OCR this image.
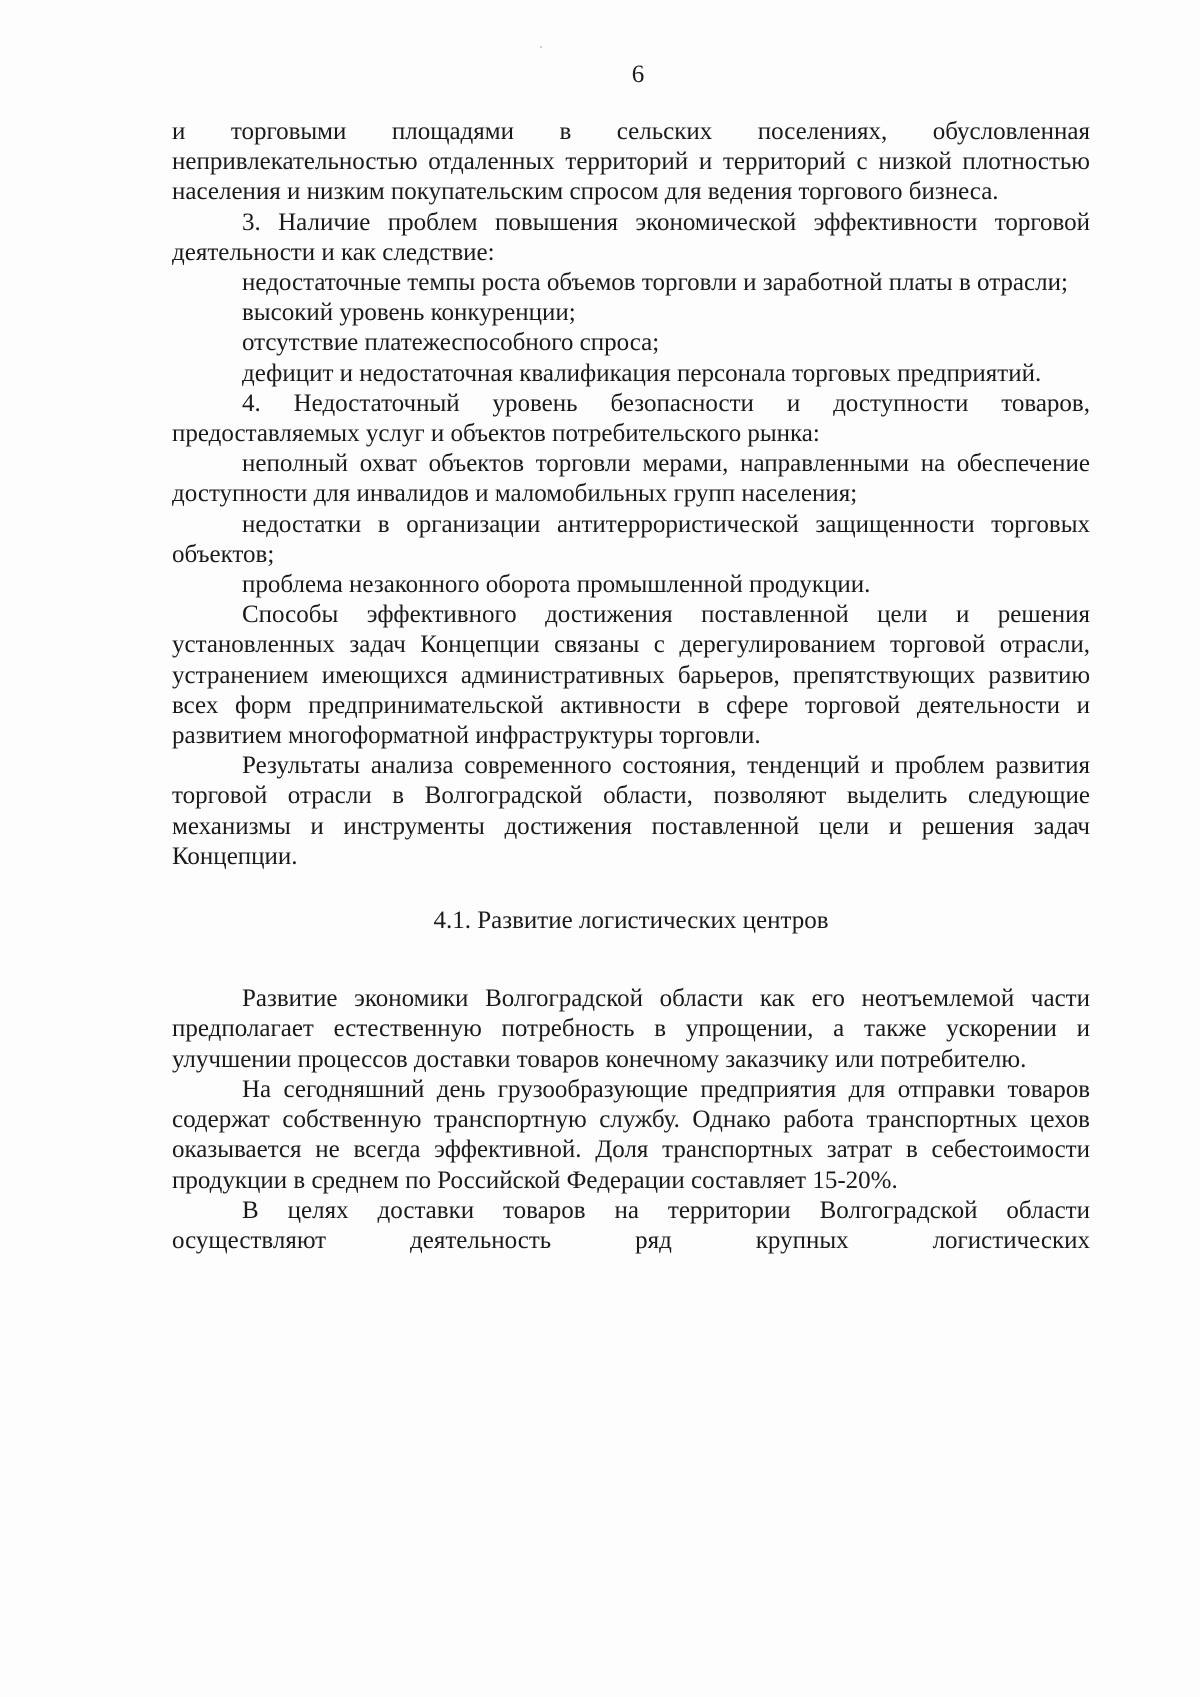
6

и торговыми площадями в сельских поселениях, обусловленная непривлекательностью отдаленных территорий и территорий с низкой плотностью населения и низким покупательским спросом для ведения торгового бизнеса.

3. Наличие проблем повышения экономической эффективности торговой деятельности и как следствие:

недостаточные темпы роста объемов торговли и заработной платы в отрасли;

высокий уровень конкуренции;

отсутствие платежеспособного спроса;

дефицит и недостаточная квалификация персонала торговых предприятий.

4. Недостаточный уровень безопасности и доступности товаров, предоставляемых услуг и объектов потребительского рынка:

неполный охват объектов торговли мерами, направленными на обеспечение доступности для инвалидов и маломобильных групп населения;

недостатки в организации антитеррористической защищенности торговых объектов;

проблема незаконного оборота промышленной продукции.

Способы эффективного достижения поставленной цели и решения установленных задач Концепции связаны с дерегулированием торговой отрасли, устранением имеющихся административных барьеров, препятствующих развитию всех форм предпринимательской активности в сфере торговой деятельности и развитием многоформатной инфраструктуры торговли.

Результаты анализа современного состояния, тенденций и проблем развития торговой отрасли в Волгоградской области, позволяют выделить следующие механизмы и инструменты достижения поставленной цели и решения задач Концепции.

4.1. Развитие логистических центров

Развитие экономики Волгоградской области как его неотъемлемой части предполагает естественную потребность в упрощении, а также ускорении и улучшении процессов доставки товаров конечному заказчику или потребителю.

На сегодняшний день грузообразующие предприятия для отправки товаров содержат собственную транспортную службу. Однако работа транспортных цехов оказывается не всегда эффективной. Доля транспортных затрат в себестоимости продукции в среднем по Российской Федерации составляет 15-20%.

В целях доставки товаров на территории Волгоградской области осуществляют деятельность ряд крупных логистических
